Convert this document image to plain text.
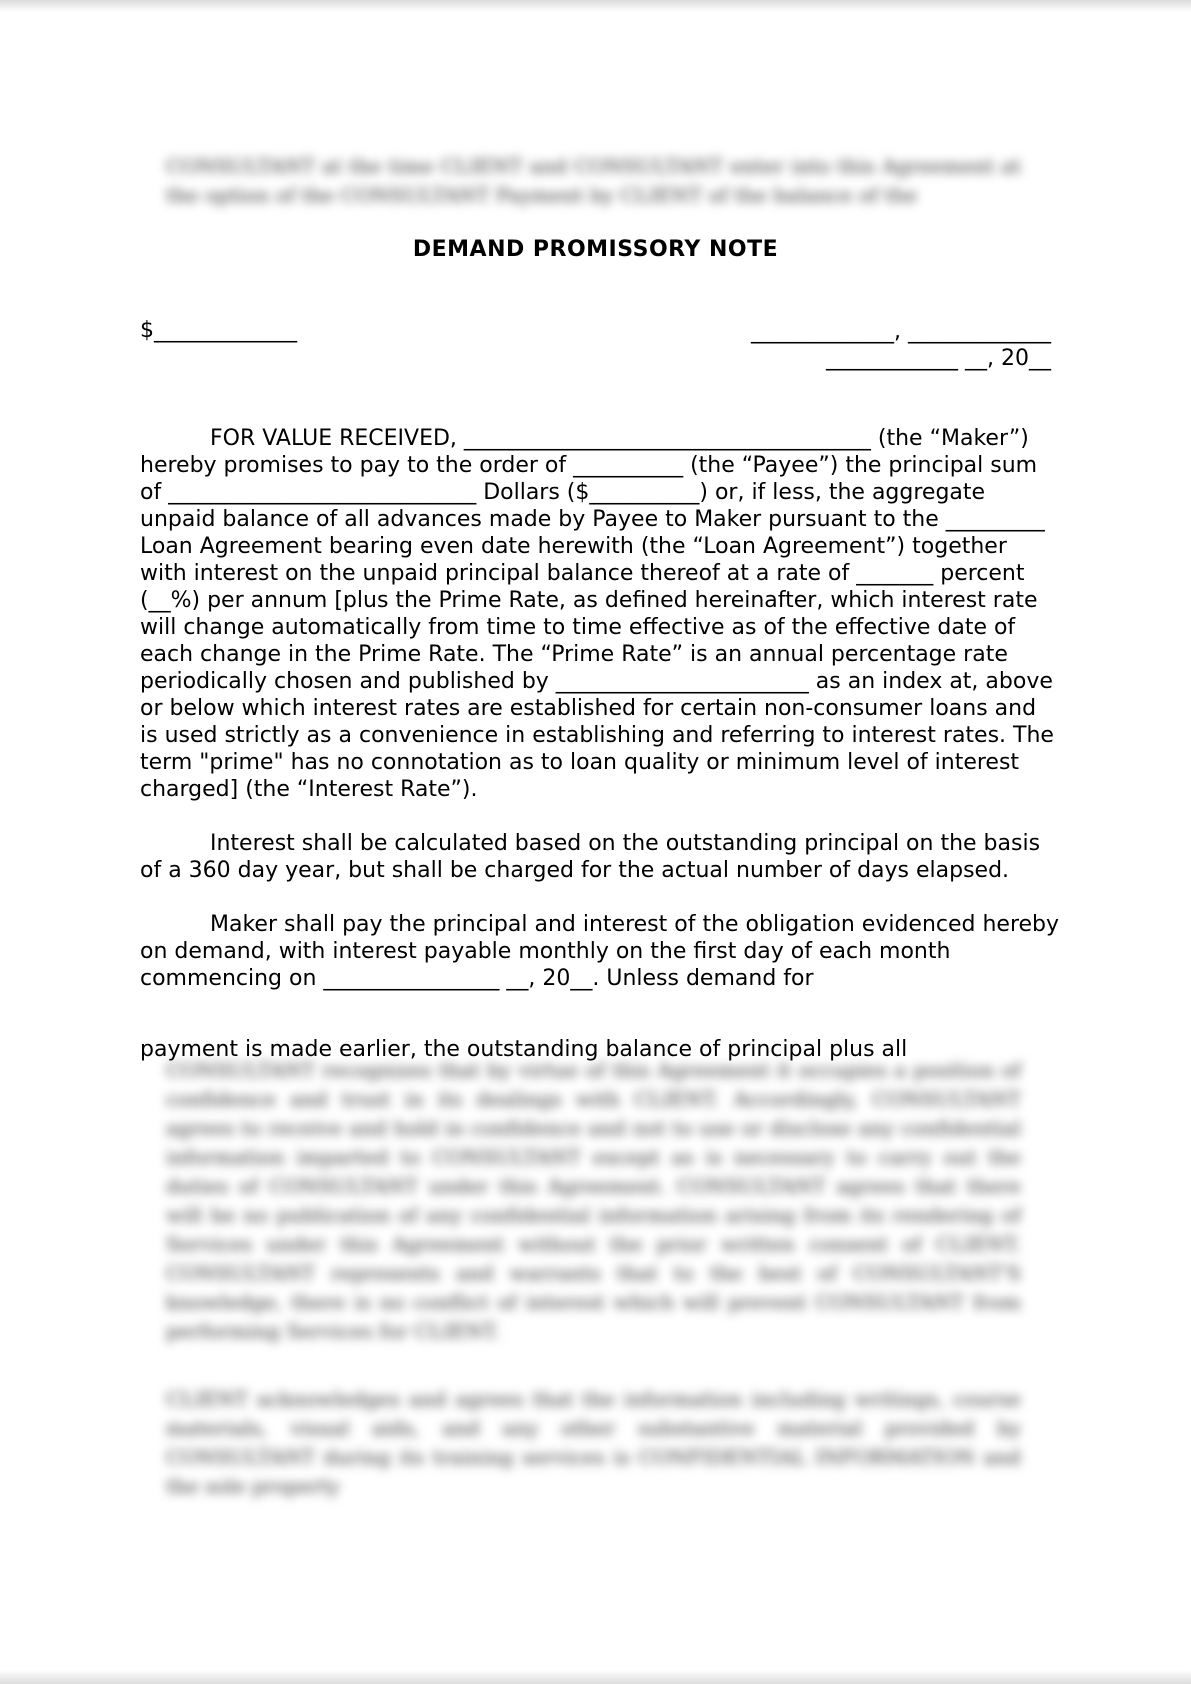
CONSULTANT at the time CLIENT and CONSULTANT enter into this Agreement at the option of the CONSULTANT Payment by CLIENT of the balance of the
DEMAND PROMISSORY NOTE
$_____________	_____________, _____________
____________ __, 20__

FOR VALUE RECEIVED, _____________________________________ (the “Maker”) hereby promises to pay to the order of __________ (the “Payee”) the principal sum of ____________________________ Dollars ($__________) or, if less, the aggregate unpaid balance of all advances made by Payee to Maker pursuant to the _________ Loan Agreement bearing even date herewith (the “Loan Agreement”) together with interest on the unpaid principal balance thereof at a rate of _______ percent (__%) per annum [plus the Prime Rate, as defined hereinafter, which interest rate will change automatically from time to time effective as of the effective date of each change in the Prime Rate. The “Prime Rate” is an annual percentage rate periodically chosen and published by _______________________ as an index at, above or below which interest rates are established for certain non-consumer loans and is used strictly as a convenience in establishing and referring to interest rates. The term "prime" has no connotation as to loan quality or minimum level of interest charged] (the “Interest Rate”).

Interest shall be calculated based on the outstanding principal on the basis of a 360 day year, but shall be charged for the actual number of days elapsed.

Maker shall pay the principal and interest of the obligation evidenced hereby on demand, with interest payable monthly on the first day of each month commencing on ________________ __, 20__. Unless demand for

payment is made earlier, the outstanding balance of principal plus all
CONSULTANT recognizes that by virtue of this Agreement it occupies a position of confidence and trust in its dealings with CLIENT. Accordingly, CONSULTANT agrees to receive and hold in confidence and not to use or disclose any confidential information imparted to CONSULTANT except as is necessary to carry out the duties of CONSULTANT under this Agreement. CONSULTANT agrees that there will be no publication of any confidential information arising from its rendering of Services under this Agreement without the prior written consent of CLIENT. CONSULTANT represents and warrants that to the best of CONSULTANT'S knowledge, there is no conflict of interest which will prevent CONSULTANT from performing Services for CLIENT.
CLIENT acknowledges and agrees that the information including writings, course materials, visual aids, and any other substantive material provided by CONSULTANT during its training services is CONFIDENTIAL INFORMATION and the sole property
